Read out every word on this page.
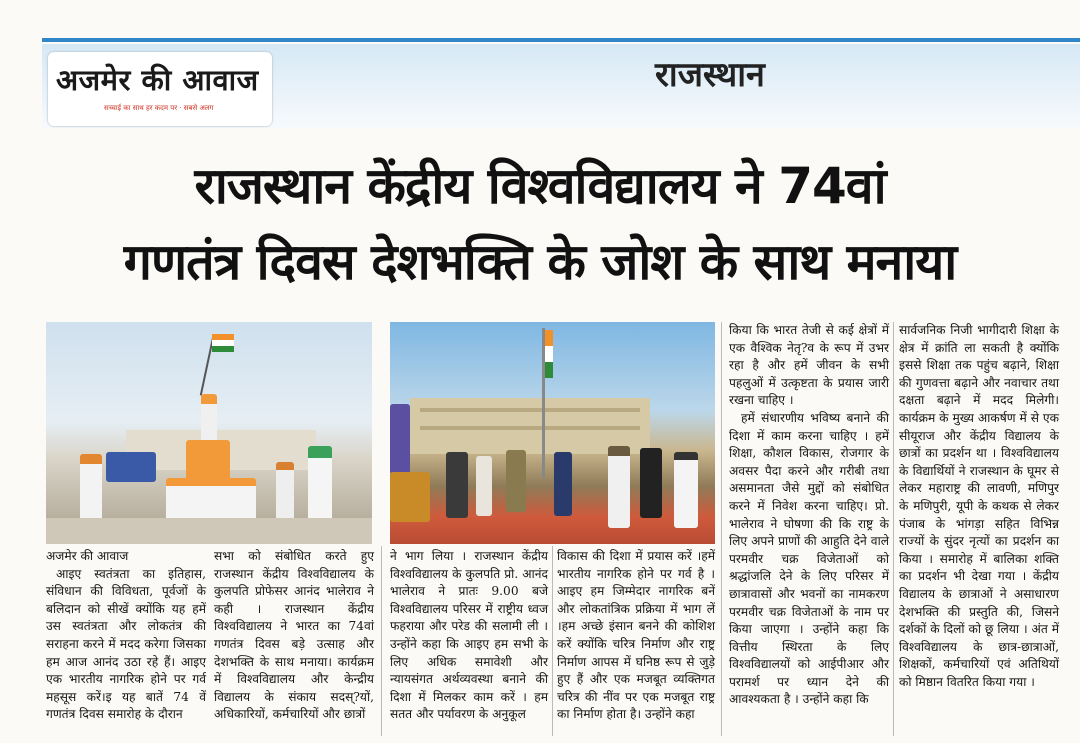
अजमेर की आवाज
सच्चाई का साथ हर कदम पर · सबसे अलग
राजस्थान
राजस्थान केंद्रीय विश्वविद्यालय ने 74वां
गणतंत्र दिवस देशभक्ति के जोश के साथ मनाया

अजमेर की आवाज

आइए स्वतंत्रता का इतिहास, संविधान की विविधता, पूर्वजों के बलिदान को सीखें क्योंकि यह हमें उस स्वतंत्रता और लोकतंत्र की सराहना करने में मदद करेगा जिसका हम आज आनंद उठा रहे हैं। आइए एक भारतीय नागरिक होने पर गर्व महसूस करें।इ यह बातें 74 वें गणतंत्र दिवस समारोह के दौरान

सभा को संबोधित करते हुए राजस्थान केंद्रीय विश्वविद्यालय के कुलपति प्रोफेसर आनंद भालेराव ने कही । राजस्थान केंद्रीय विश्वविद्यालय ने भारत का 74वां गणतंत्र दिवस बड़े उत्साह और देशभक्ति के साथ मनाया। कार्यक्रम में विश्वविद्यालय और केन्द्रीय विद्यालय के संकाय सदस्?यों, अधिकारियों, कर्मचारियों और छात्रों

ने भाग लिया । राजस्थान केंद्रीय विश्वविद्यालय के कुलपति प्रो. आनंद भालेराव ने प्रातः 9.00 बजे विश्वविद्यालय परिसर में राष्ट्रीय ध्वज फहराया और परेड की सलामी ली । उन्होंने कहा कि आइए हम सभी के लिए अधिक समावेशी और न्यायसंगत अर्थव्यवस्था बनाने की दिशा में मिलकर काम करें । हम सतत और पर्यावरण के अनुकूल

विकास की दिशा में प्रयास करें ।हमें भारतीय नागरिक होने पर गर्व है । आइए हम जिम्मेदार नागरिक बनें और लोकतांत्रिक प्रक्रिया में भाग लें ।हम अच्छे इंसान बनने की कोशिश करें क्योंकि चरित्र निर्माण और राष्ट्र निर्माण आपस में घनिष्ठ रूप से जुड़े हुए हैं और एक मजबूत व्यक्तिगत चरित्र की नींव पर एक मजबूत राष्ट्र का निर्माण होता है। उन्होंने कहा

किया कि भारत तेजी से कई क्षेत्रों में एक वैश्विक नेतृ?व के रूप में उभर रहा है और हमें जीवन के सभी पहलुओं में उत्कृष्टता के प्रयास जारी रखना चाहिए ।

हमें संधारणीय भविष्य बनाने की दिशा में काम करना चाहिए । हमें शिक्षा, कौशल विकास, रोजगार के अवसर पैदा करने और गरीबी तथा असमानता जैसे मुद्दों को संबोधित करने में निवेश करना चाहिए। प्रो. भालेराव ने घोषणा की कि राष्ट्र के लिए अपने प्राणों की आहुति देने वाले परमवीर चक्र विजेताओं को श्रद्धांजलि देने के लिए परिसर में छात्रावासों और भवनों का नामकरण परमवीर चक्र विजेताओं के नाम पर किया जाएगा । उन्होंने कहा कि वित्तीय स्थिरता के लिए विश्वविद्यालयों को आईपीआर और परामर्श पर ध्यान देने की आवश्यकता है । उन्होंने कहा कि

सार्वजनिक निजी भागीदारी शिक्षा के क्षेत्र में क्रांति ला सकती है क्योंकि इससे शिक्षा तक पहुंच बढ़ाने, शिक्षा की गुणवत्ता बढ़ाने और नवाचार तथा दक्षता बढ़ाने में मदद मिलेगी। कार्यक्रम के मुख्य आकर्षण में से एक सीयूराज और केंद्रीय विद्यालय के छात्रों का प्रदर्शन था । विश्वविद्यालय के विद्यार्थियों ने राजस्थान के घूमर से लेकर महाराष्ट्र की लावणी, मणिपुर के मणिपुरी, यूपी के कथक से लेकर पंजाब के भांगड़ा सहित विभिन्न राज्यों के सुंदर नृत्यों का प्रदर्शन का किया । समारोह में बालिका शक्ति का प्रदर्शन भी देखा गया । केंद्रीय विद्यालय के छात्राओं ने असाधारण देशभक्ति की प्रस्तुति की, जिसने दर्शकों के दिलों को छू लिया । अंत में विश्वविद्यालय के छात्र-छात्राओं, शिक्षकों, कर्मचारियों एवं अतिथियों को मिष्ठान वितरित किया गया ।
